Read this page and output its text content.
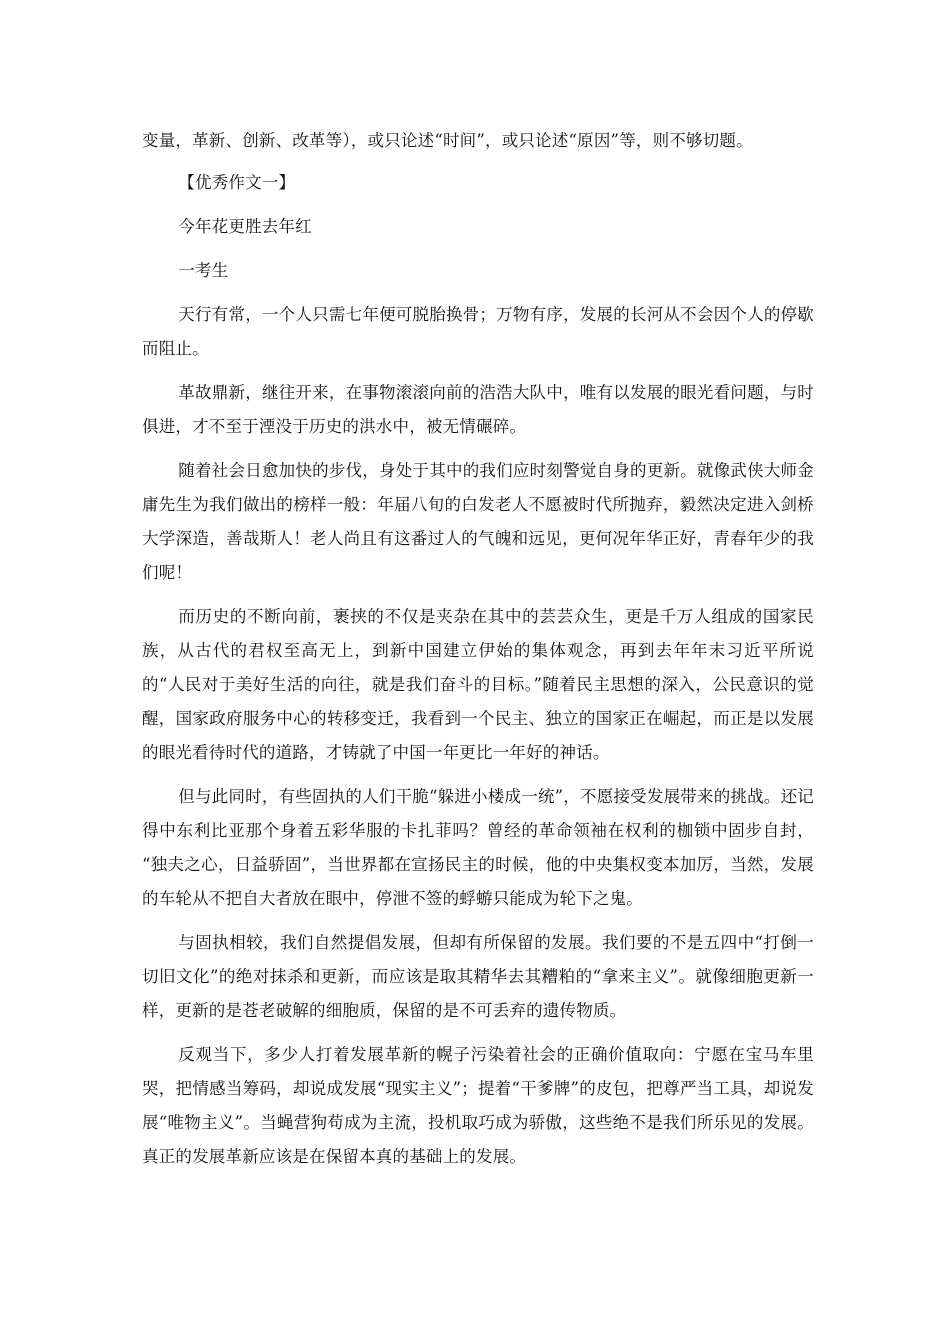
变量，革新、创新、改革等），或只论述“时间”，或只论述“原因”等，则不够切题。

【优秀作文一】

今年花更胜去年红

一考生

天行有常，一个人只需七年便可脱胎换骨；万物有序，发展的长河从不会因个人的停歇而阻止。

革故鼎新，继往开来，在事物滚滚向前的浩浩大队中，唯有以发展的眼光看问题，与时俱进，才不至于湮没于历史的洪水中，被无情碾碎。

随着社会日愈加快的步伐，身处于其中的我们应时刻警觉自身的更新。就像武侠大师金庸先生为我们做出的榜样一般：年届八旬的白发老人不愿被时代所抛弃，毅然决定进入剑桥大学深造，善哉斯人！老人尚且有这番过人的气魄和远见，更何况年华正好，青春年少的我们呢！

而历史的不断向前，裹挟的不仅是夹杂在其中的芸芸众生，更是千万人组成的国家民族，从古代的君权至高无上，到新中国建立伊始的集体观念，再到去年年末习近平所说的“人民对于美好生活的向往，就是我们奋斗的目标。”随着民主思想的深入，公民意识的觉醒，国家政府服务中心的转移变迁，我看到一个民主、独立的国家正在崛起，而正是以发展的眼光看待时代的道路，才铸就了中国一年更比一年好的神话。

但与此同时，有些固执的人们干脆“躲进小楼成一统”，不愿接受发展带来的挑战。还记得中东利比亚那个身着五彩华服的卡扎菲吗？曾经的革命领袖在权利的枷锁中固步自封， “独夫之心，日益骄固”，当世界都在宣扬民主的时候，他的中央集权变本加厉，当然，发展的车轮从不把自大者放在眼中，停泄不签的蜉蝣只能成为轮下之鬼。

与固执相较，我们自然提倡发展，但却有所保留的发展。我们要的不是五四中“打倒一切旧文化”的绝对抹杀和更新，而应该是取其精华去其糟粕的“拿来主义”。就像细胞更新一样，更新的是苍老破解的细胞质，保留的是不可丢弃的遗传物质。

反观当下，多少人打着发展革新的幌子污染着社会的正确价值取向：宁愿在宝马车里哭，把情感当筹码，却说成发展“现实主义”；提着“干爹牌”的皮包，把尊严当工具，却说发展“唯物主义”。当蝇营狗苟成为主流，投机取巧成为骄傲，这些绝不是我们所乐见的发展。真正的发展革新应该是在保留本真的基础上的发展。
